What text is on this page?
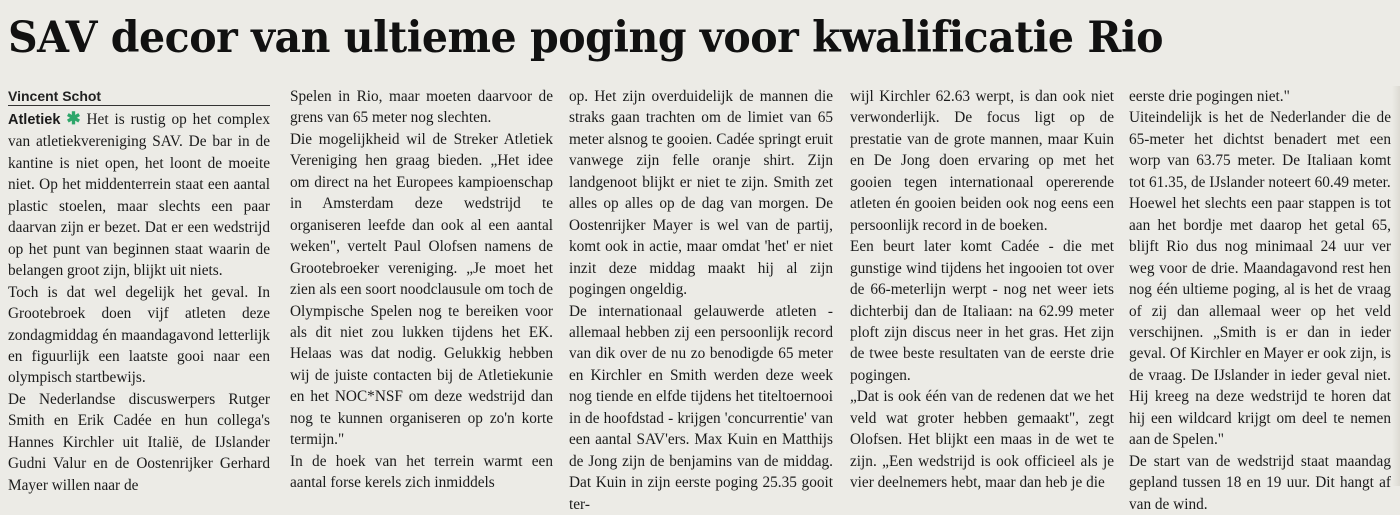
SAV decor van ultieme poging voor kwalificatie Rio
Vincent Schot

Atletiek ✱ Het is rustig op het complex van atletiekvereniging SAV. De bar in de kantine is niet open, het loont de moeite niet. Op het middenterrein staat een aantal plastic stoelen, maar slechts een paar daarvan zijn er bezet. Dat er een wedstrijd op het punt van beginnen staat waarin de belangen groot zijn, blijkt uit niets.

Toch is dat wel degelijk het geval. In Grootebroek doen vijf atleten deze zondagmiddag én maandagavond letterlijk en figuurlijk een laatste gooi naar een olympisch startbewijs.

De Nederlandse discuswerpers Rutger Smith en Erik Cadée en hun collega's Hannes Kirchler uit Italië, de IJslander Gudni Valur en de Oostenrijker Gerhard Mayer willen naar de

Spelen in Rio, maar moeten daarvoor de grens van 65 meter nog slechten.

Die mogelijkheid wil de Streker Atletiek Vereniging hen graag bieden. „Het idee om direct na het Europees kampioenschap in Amsterdam deze wedstrijd te organiseren leefde dan ook al een aantal weken", vertelt Paul Olofsen namens de Grootebroeker vereniging. „Je moet het zien als een soort noodclausule om toch de Olympische Spelen nog te bereiken voor als dit niet zou lukken tijdens het EK. Helaas was dat nodig. Gelukkig hebben wij de juiste contacten bij de Atletiekunie en het NOC*NSF om deze wedstrijd dan nog te kunnen organiseren op zo'n korte termijn."

In de hoek van het terrein warmt een aantal forse kerels zich inmiddels

op. Het zijn overduidelijk de mannen die straks gaan trachten om de limiet van 65 meter alsnog te gooien. Cadée springt eruit vanwege zijn felle oranje shirt. Zijn landgenoot blijkt er niet te zijn. Smith zet alles op alles op de dag van morgen. De Oostenrijker Mayer is wel van de partij, komt ook in actie, maar omdat 'het' er niet inzit deze middag maakt hij al zijn pogingen ongeldig.

De internationaal gelauwerde atleten - allemaal hebben zij een persoonlijk record van dik over de nu zo benodigde 65 meter en Kirchler en Smith werden deze week nog tiende en elfde tijdens het titeltoernooi in de hoofdstad - krijgen 'concurrentie' van een aantal SAV'ers. Max Kuin en Matthijs de Jong zijn de benjamins van de middag. Dat Kuin in zijn eerste poging 25.35 gooit ter-

wijl Kirchler 62.63 werpt, is dan ook niet verwonderlijk. De focus ligt op de prestatie van de grote mannen, maar Kuin en De Jong doen ervaring op met het gooien tegen internationaal opererende atleten én gooien beiden ook nog eens een persoonlijk record in de boeken.

Een beurt later komt Cadée - die met gunstige wind tijdens het ingooien tot over de 66-meterlijn werpt - nog net weer iets dichterbij dan de Italiaan: na 62.99 meter ploft zijn discus neer in het gras. Het zijn de twee beste resultaten van de eerste drie pogingen.

„Dat is ook één van de redenen dat we het veld wat groter hebben gemaakt", zegt Olofsen. Het blijkt een maas in de wet te zijn. „Een wedstrijd is ook officieel als je vier deelnemers hebt, maar dan heb je die

eerste drie pogingen niet."

Uiteindelijk is het de Nederlander die de 65-meter het dichtst benadert met een worp van 63.75 meter. De Italiaan komt tot 61.35, de IJslander noteert 60.49 meter.

Hoewel het slechts een paar stappen is tot aan het bordje met daarop het getal 65, blijft Rio dus nog minimaal 24 uur ver weg voor de drie. Maandagavond rest hen nog één ultieme poging, al is het de vraag of zij dan allemaal weer op het veld verschijnen. „Smith is er dan in ieder geval. Of Kirchler en Mayer er ook zijn, is de vraag. De IJslander in ieder geval niet. Hij kreeg na deze wedstrijd te horen dat hij een wildcard krijgt om deel te nemen aan de Spelen."

De start van de wedstrijd staat maandag gepland tussen 18 en 19 uur. Dit hangt af van de wind.
